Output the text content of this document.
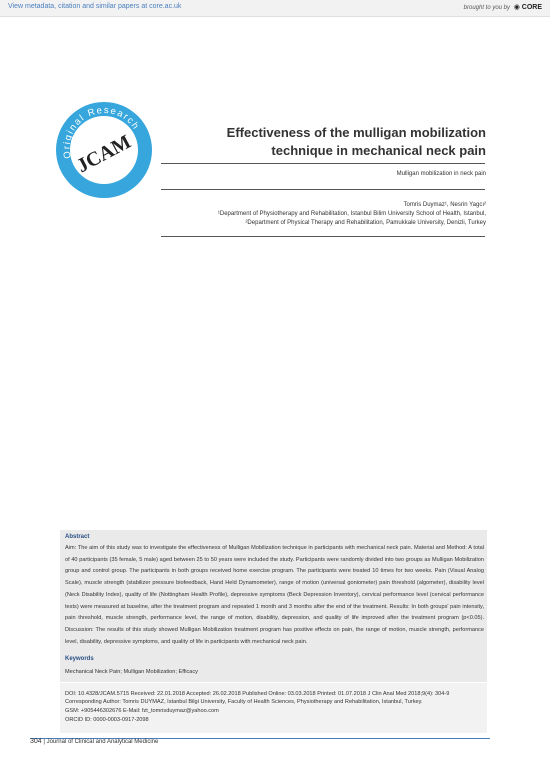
View metadata, citation and similar papers at core.ac.uk	brought to you by ◉ CORE
Original Research
JCAM	Effectiveness of the mulligan mobilization
technique in mechanical neck pain
Mulligan mobilization in neck pain
Tomris Duymaz¹, Nesrin Yagcı²
¹Department of Physiotherapy and Rehabilitation, Istanbul Bilim University School of Health, Istanbul,
²Department of Physical Therapy and Rehabilitation, Pamukkale University, Denizli, Turkey
Abstract
Aim: The aim of this study was to investigate the effectiveness of Mulligan Mobilization technique in participants with mechanical neck pain. Material and Method: A total of 40 participants (35 female, 5 male) aged between 25 to 50 years were included the study. Participants were randomly divided into two groups as Mulligan Mobilization group and control group. The participants in both groups received home exercise program. The participants were treated 10 times for two weeks. Pain (Visual Analog Scale), muscle strength (stabilizer pressure biofeedback, Hand Held Dynamometer), range of motion (universal goniometer) pain threshold (algometer), disability level (Neck Disability Index), quality of life (Nottingham Health Profile), depressive symptoms (Beck Depression Inventory), cervical performance level (cervical performance tests) were measured at baseline, after the treatment program and repeated 1 month and 3 months after the end of the treatment. Results: In both groups' pain intensity, pain threshold, muscle strength, performance level, the range of motion, disability, depression, and quality of life improved after the treatment program (p<0.05). Discussion: The results of this study showed Mulligan Mobilization treatment program has positive effects on pain, the range of motion, muscle strength, performance level, disability, depressive symptoms, and quality of life in participants with mechanical neck pain.
Keywords
Mechanical Neck Pain; Mulligan Mobilization; Efficacy
DOI: 10.4328/JCAM.5715 Received: 22.01.2018 Accepted: 26.02.2018 Published Online: 03.03.2018 Printed: 01.07.2018 J Clin Anal Med 2018;9(4): 304-9
Corresponding Author: Tomris DUYMAZ, Istanbul Bilgi University, Faculty of Health Sciences, Physiotherapy and Rehabilitation, Istanbul, Turkey.
GSM: +905446302676 E-Mail: fzt_tomrisduymaz@yahoo.com
ORCID ID: 0000-0003-0917-2098
304 | Journal of Clinical and Analytical Medicine
